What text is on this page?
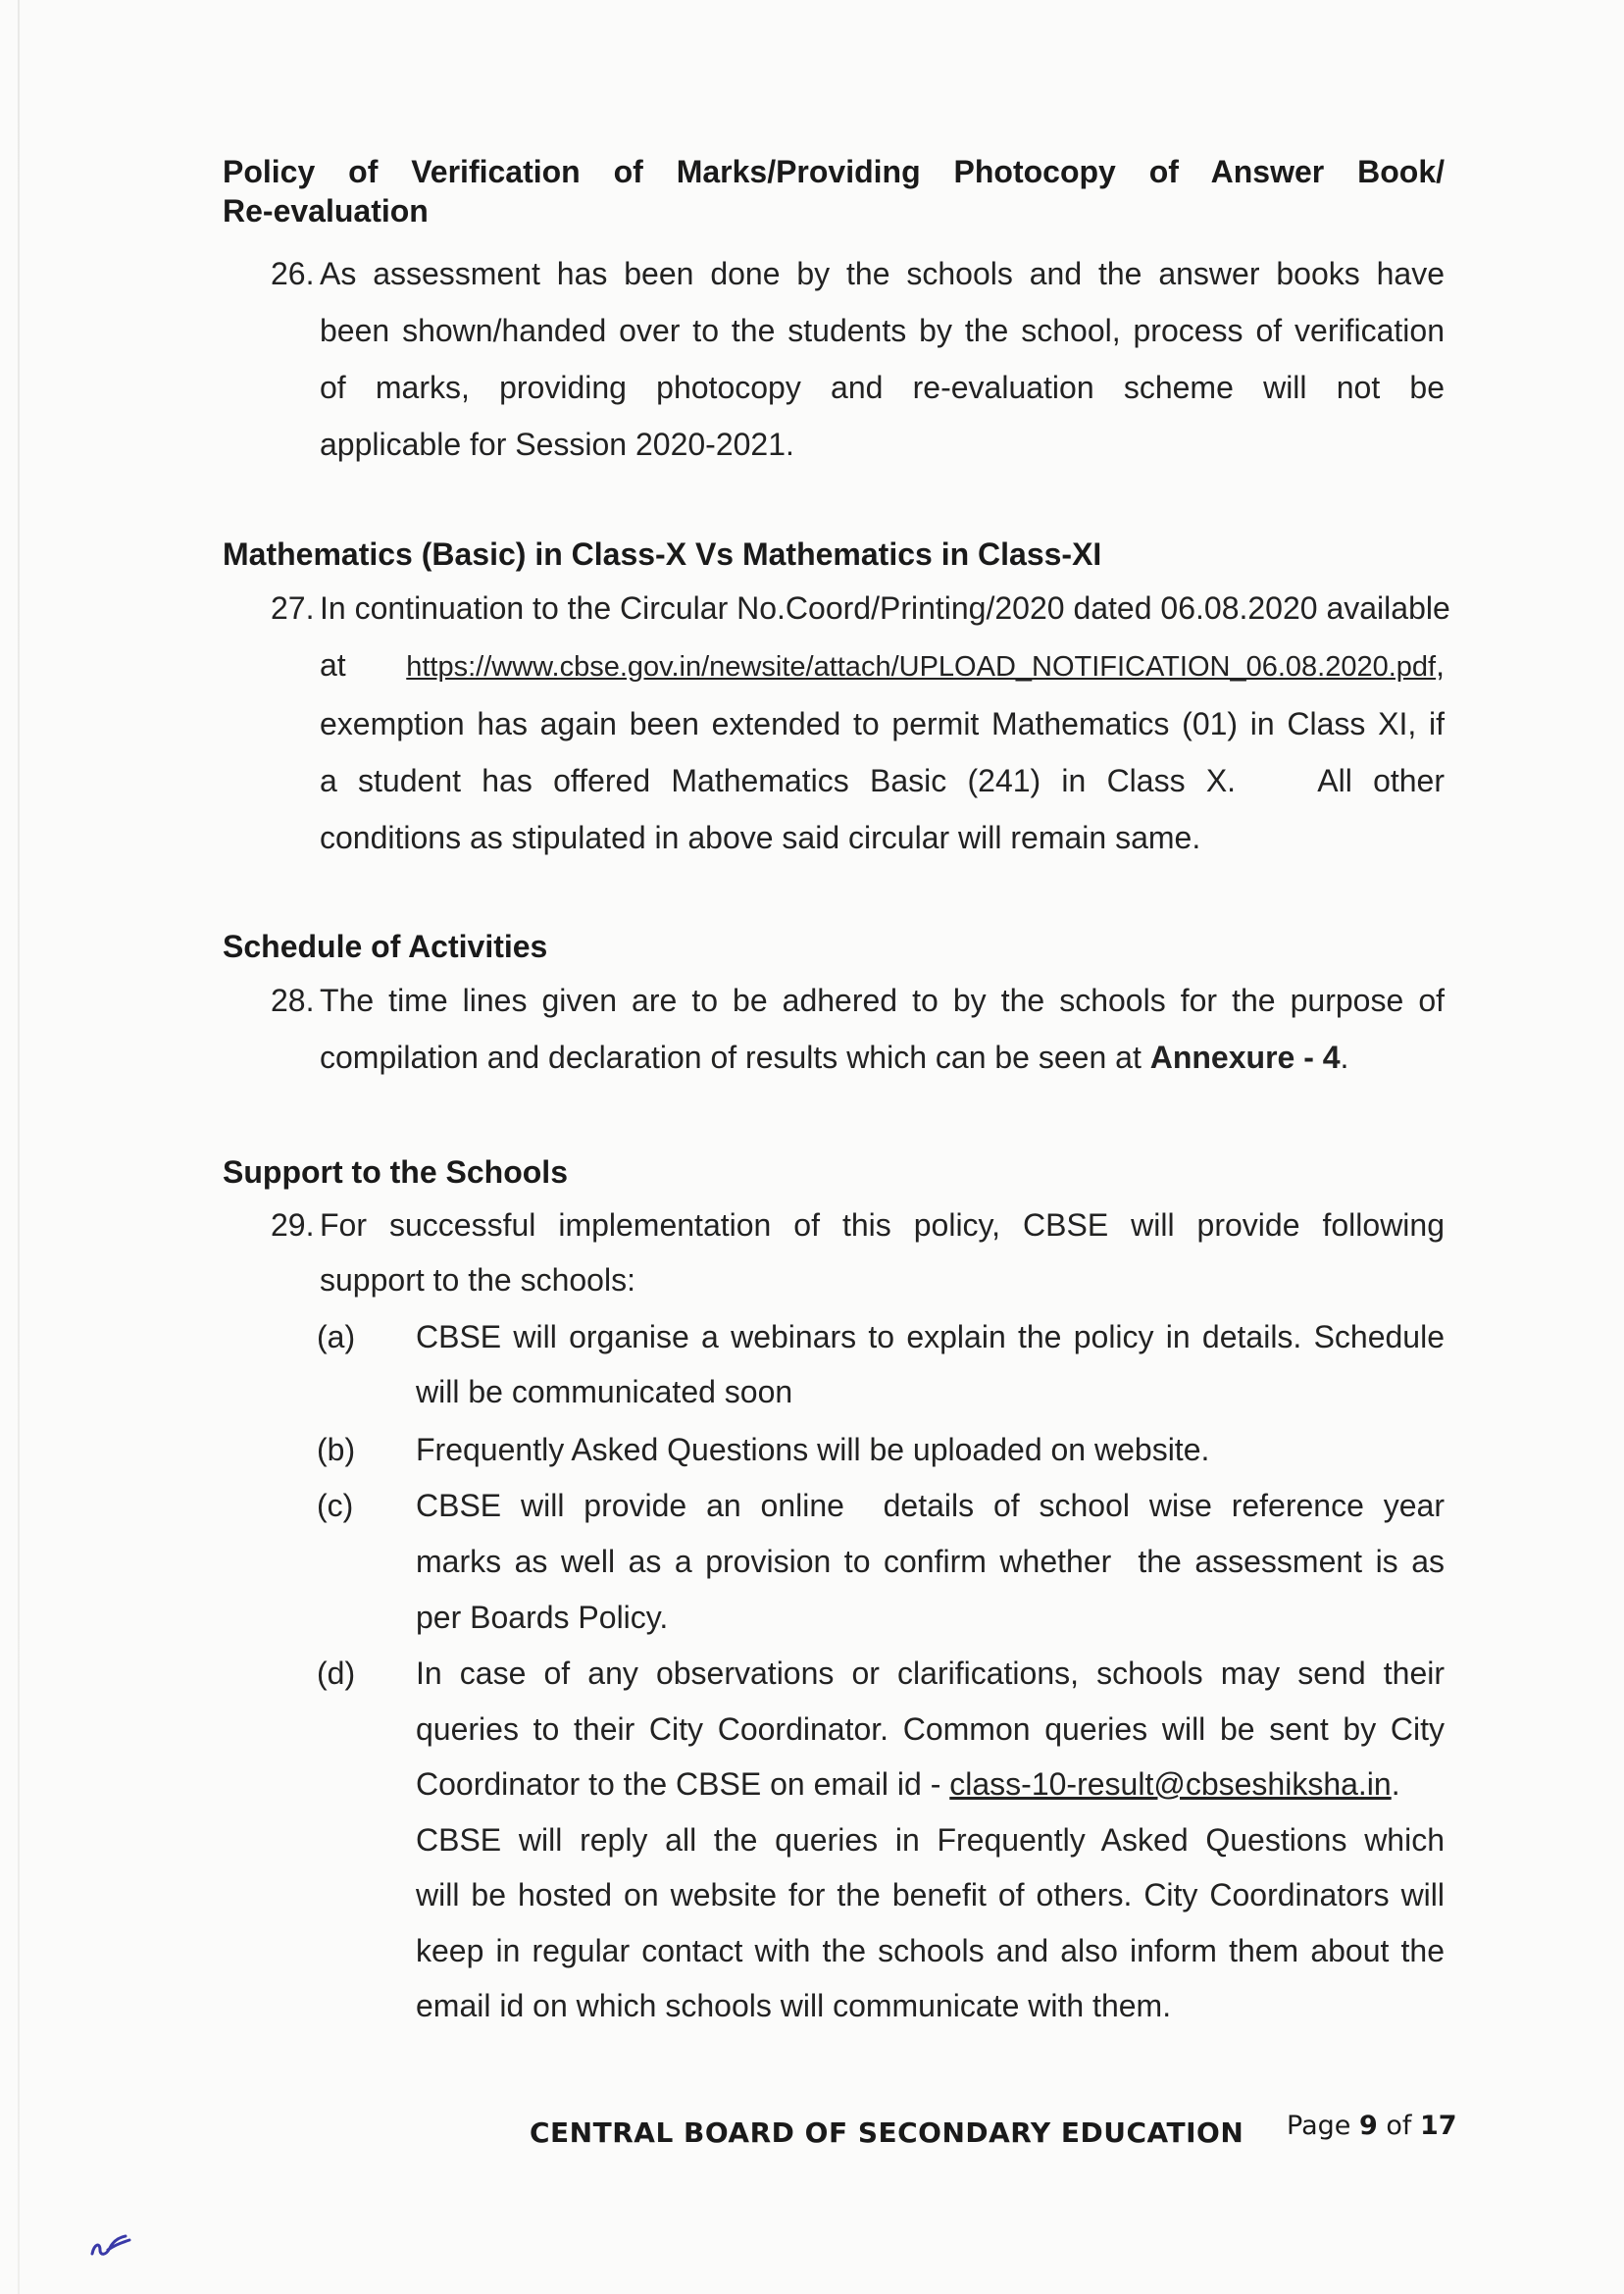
Policy of Verification of Marks/Providing Photocopy of Answer Book/
Re-evaluation
26. As assessment has been done by the schools and the answer books have
been shown/handed over to the students by the school, process of verification
of marks, providing photocopy and re-evaluation scheme will not be
applicable for Session 2020-2021.
Mathematics (Basic) in Class-X Vs Mathematics in Class-XI
27. In continuation to the Circular No.Coord/Printing/2020 dated 06.08.2020 available
at https://www.cbse.gov.in/newsite/attach/UPLOAD_NOTIFICATION_06.08.2020.pdf,
exemption has again been extended to permit Mathematics (01) in Class XI, if
a student has offered Mathematics Basic (241) in Class X.    All other
conditions as stipulated in above said circular will remain same.
Schedule of Activities
28. The time lines given are to be adhered to by the schools for the purpose of
compilation and declaration of results which can be seen at Annexure - 4.
Support to the Schools
29. For successful implementation of this policy, CBSE will provide following
support to the schools:
(a) CBSE will organise a webinars to explain the policy in details. Schedule
will be communicated soon
(b) Frequently Asked Questions will be uploaded on website.
(c) CBSE will provide an online  details of school wise reference year
marks as well as a provision to confirm whether  the assessment is as
per Boards Policy.
(d) In case of any observations or clarifications, schools may send their
queries to their City Coordinator. Common queries will be sent by City
Coordinator to the CBSE on email id - class-10-result@cbseshiksha.in.
CBSE will reply all the queries in Frequently Asked Questions which
will be hosted on website for the benefit of others. City Coordinators will
keep in regular contact with the schools and also inform them about the
email id on which schools will communicate with them.
CENTRAL BOARD OF SECONDARY EDUCATION Page 9 of 17
